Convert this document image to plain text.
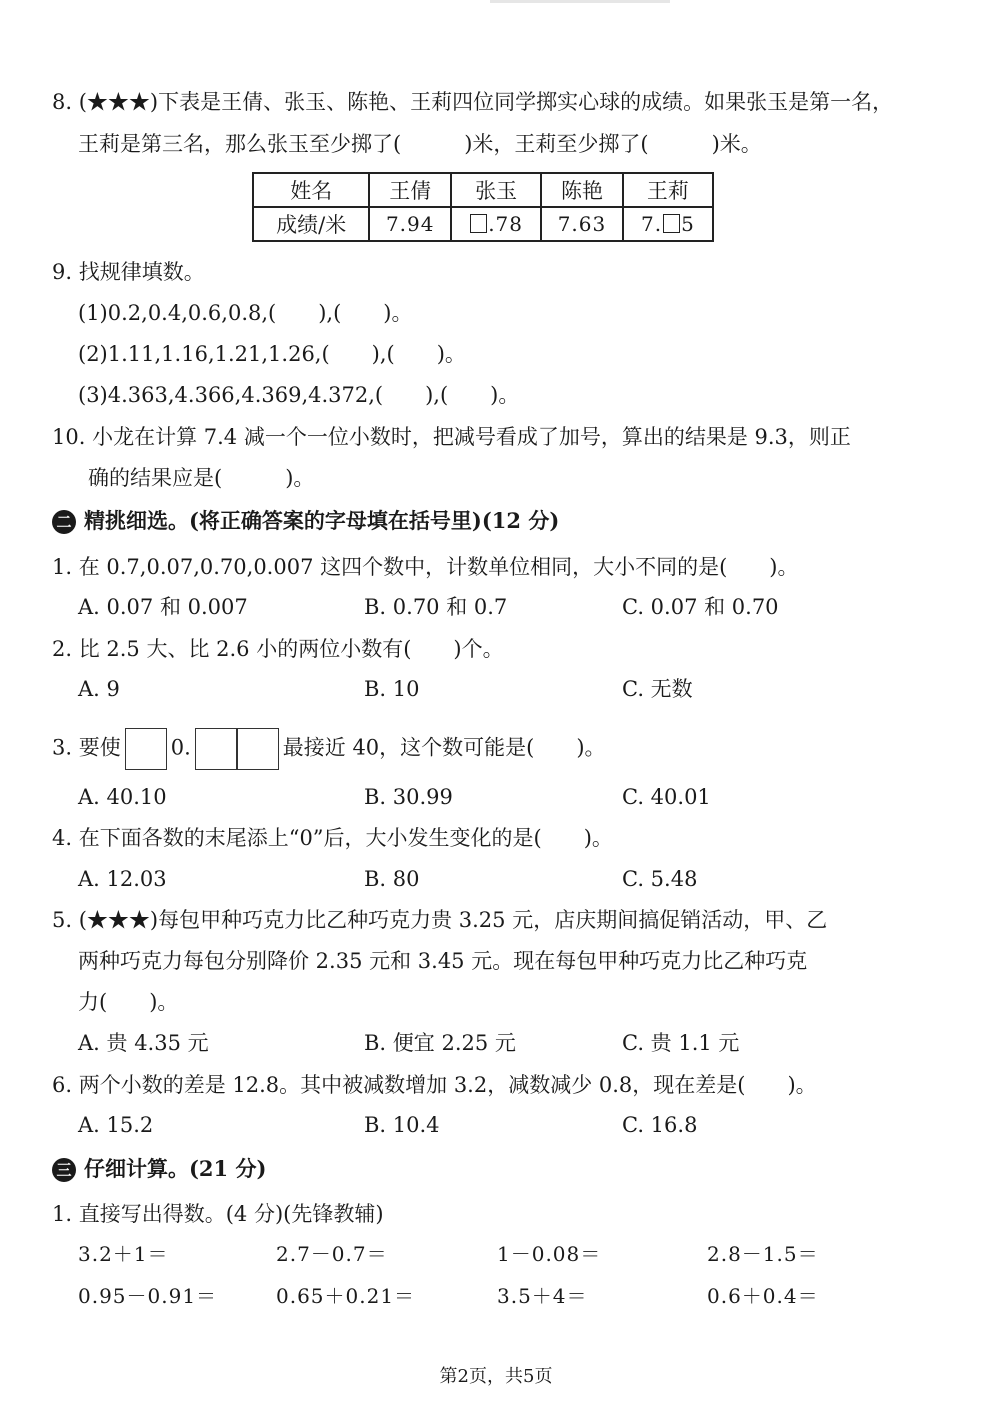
8. (★★★)下表是王倩、张玉、陈艳、王莉四位同学掷实心球的成绩。如果张玉是第一名，
王莉是第三名，那么张玉至少掷了(　　　)米，王莉至少掷了(　　　)米。
姓名	王倩	张玉	陈艳	王莉
成绩/米	7.94	.78	7.63	7. 5
9. 找规律填数。
(1)0.2,0.4,0.6,0.8,(　　),(　　)。
(2)1.11,1.16,1.21,1.26,(　　),(　　)。
(3)4.363,4.366,4.369,4.372,(　　),(　　)。
10. 小龙在计算 7.4 减一个一位小数时，把减号看成了加号，算出的结果是 9.3，则正
确的结果应是(　　　)。
二 精挑细选。(将正确答案的字母填在括号里)(12 分)
1. 在 0.7,0.07,0.70,0.007 这四个数中，计数单位相同，大小不同的是(　　)。
A. 0.07 和 0.007	B. 0.70 和 0.7	C. 0.07 和 0.70
2. 比 2.5 大、比 2.6 小的两位小数有(　　)个。
A. 9	B. 10	C. 无数
3. 要使 0.	最接近 40，这个数可能是(　　)。
A. 40.10	B. 30.99	C. 40.01
4. 在下面各数的末尾添上“0”后，大小发生变化的是(　　)。
A. 12.03	B. 80	C. 5.48
5. (★★★)每包甲种巧克力比乙种巧克力贵 3.25 元，店庆期间搞促销活动，甲、乙
两种巧克力每包分别降价 2.35 元和 3.45 元。现在每包甲种巧克力比乙种巧克
力(　　)。
A. 贵 4.35 元	B. 便宜 2.25 元	C. 贵 1.1 元
6. 两个小数的差是 12.8。其中被减数增加 3.2，减数减少 0.8，现在差是(　　)。
A. 15.2	B. 10.4	C. 16.8
三 仔细计算。(21 分)
1. 直接写出得数。(4 分)(先锋教辅)
3.2＋1＝	2.7－0.7＝	1－0.08＝	2.8－1.5＝
0.95－0.91＝	0.65＋0.21＝	3.5＋4＝	0.6＋0.4＝
第2页，共5页
